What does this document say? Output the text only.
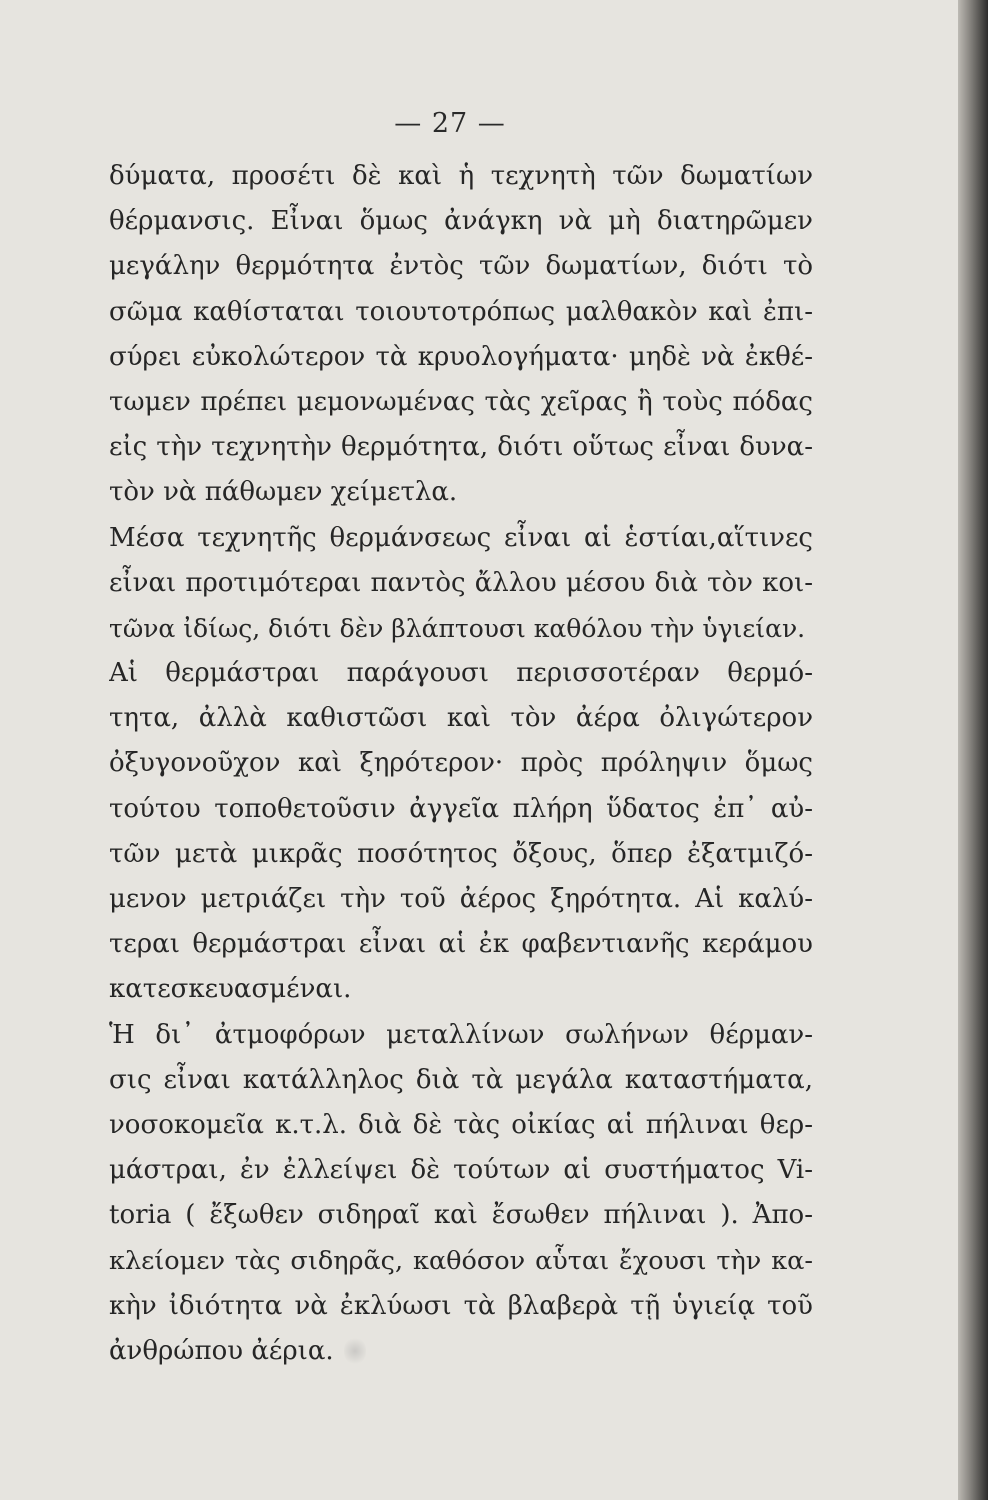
— 27 —
δύματα, προσέτι δὲ καὶ ἡ τεχνητὴ τῶν δωματίων
θέρμανσις. Εἶναι ὅμως ἀνάγκη νὰ μὴ διατηρῶμεν
μεγάλην θερμότητα ἐντὸς τῶν δωματίων, διότι τὸ
σῶμα καθίσταται τοιουτοτρόπως μαλθακὸν καὶ ἐπι-
σύρει εὐκολώτερον τὰ κρυολογήματα· μηδὲ νὰ ἐκθέ-
τωμεν πρέπει μεμονωμένας τὰς χεῖρας ἢ τοὺς πόδας
εἰς τὴν τεχνητὴν θερμότητα, διότι οὕτως εἶναι δυνα-
τὸν νὰ πάθωμεν χείμετλα.
Μέσα τεχνητῆς θερμάνσεως εἶναι αἱ ἑστίαι,αἵτινες
εἶναι προτιμότεραι παντὸς ἄλλου μέσου διὰ τὸν κοι-
τῶνα ἰδίως, διότι δὲν βλάπτουσι καθόλου τὴν ὑγιείαν.
Αἱ θερμάστραι παράγουσι περισσοτέραν θερμό-
τητα, ἀλλὰ καθιστῶσι καὶ τὸν ἀέρα ὀλιγώτερον
ὀξυγονοῦχον καὶ ξηρότερον· πρὸς πρόληψιν ὅμως
τούτου τοποθετοῦσιν ἀγγεῖα πλήρη ὕδατος ἐπ᾽ αὐ-
τῶν μετὰ μικρᾶς ποσότητος ὄξους, ὅπερ ἐξατμιζό-
μενον μετριάζει τὴν τοῦ ἀέρος ξηρότητα. Αἱ καλύ-
τεραι θερμάστραι εἶναι αἱ ἐκ φαβεντιανῆς κεράμου
κατεσκευασμέναι.
Ἡ δι᾽ ἀτμοφόρων μεταλλίνων σωλήνων θέρμαν-
σις εἶναι κατάλληλος διὰ τὰ μεγάλα καταστήματα,
νοσοκομεῖα κ.τ.λ. διὰ δὲ τὰς οἰκίας αἱ πήλιναι θερ-
μάστραι, ἐν ἐλλείψει δὲ τούτων αἱ συστήματος Vi-
toria ( ἔξωθεν σιδηραῖ καὶ ἔσωθεν πήλιναι ). Ἀπο-
κλείομεν τὰς σιδηρᾶς, καθόσον αὗται ἔχουσι τὴν κα-
κὴν ἰδιότητα νὰ ἐκλύωσι τὰ βλαβερὰ τῇ ὑγιείᾳ τοῦ
ἀνθρώπου ἀέρια.
